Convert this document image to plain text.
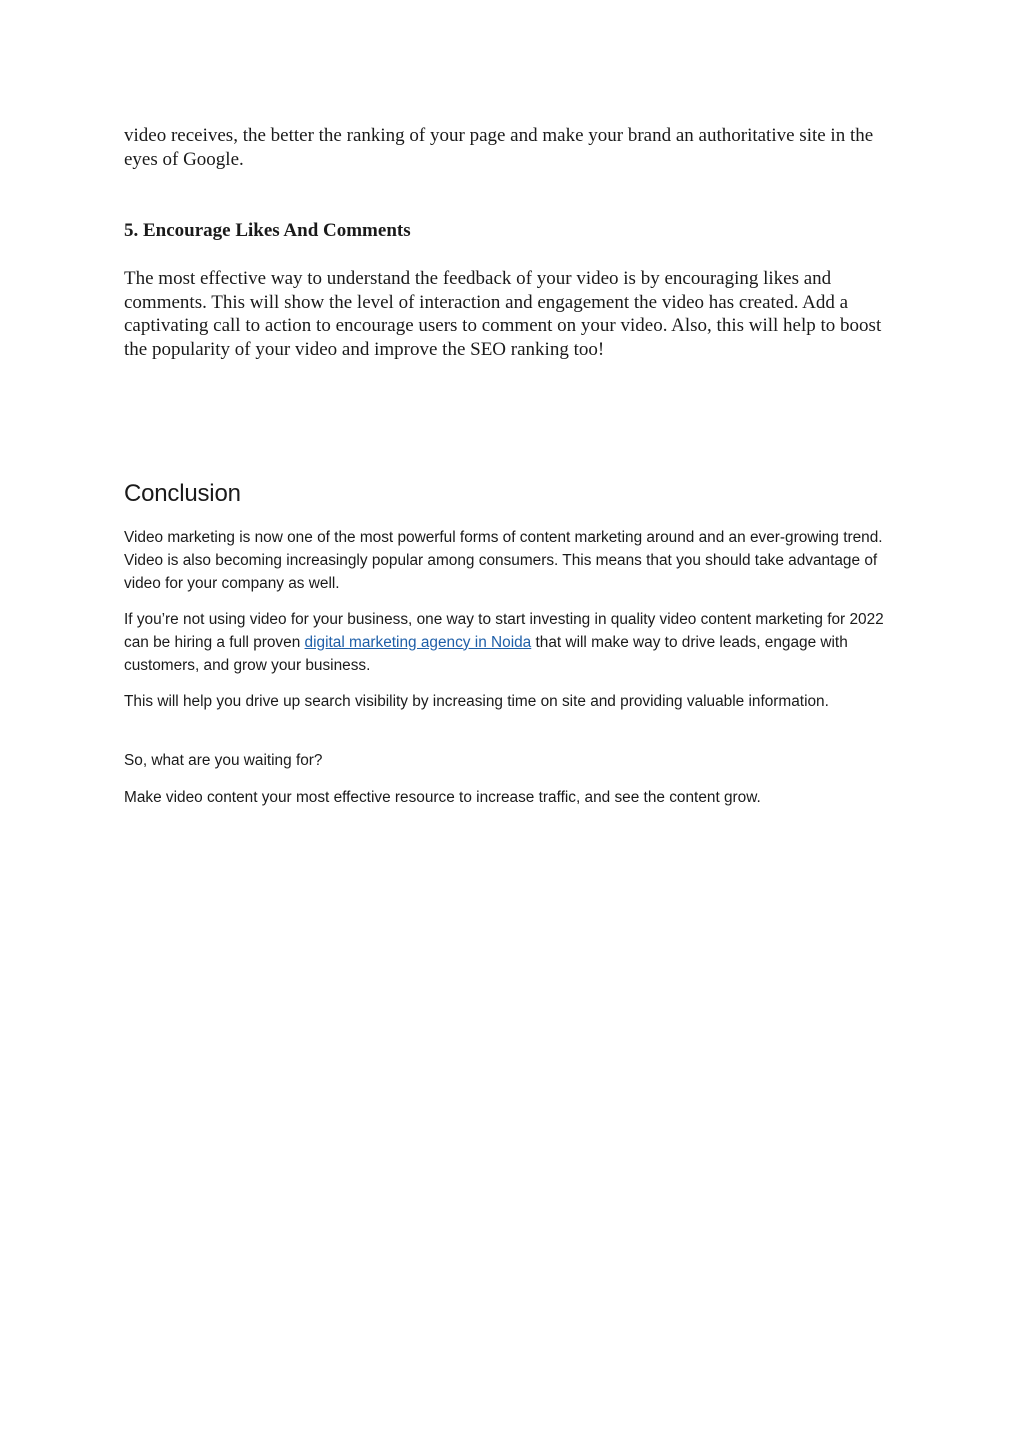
video receives, the better the ranking of your page and make your brand an authoritative site in the eyes of Google.

5. Encourage Likes And Comments

The most effective way to understand the feedback of your video is by encouraging likes and comments. This will show the level of interaction and engagement the video has created. Add a captivating call to action to encourage users to comment on your video. Also, this will help to boost the popularity of your video and improve the SEO ranking too!

Conclusion

Video marketing is now one of the most powerful forms of content marketing around and an ever-growing trend. Video is also becoming increasingly popular among consumers. This means that you should take advantage of video for your company as well.

If you’re not using video for your business, one way to start investing in quality video content marketing for 2022 can be hiring a full proven digital marketing agency in Noida that will make way to drive leads, engage with customers, and grow your business.

This will help you drive up search visibility by increasing time on site and providing valuable information.

So, what are you waiting for?

Make video content your most effective resource to increase traffic, and see the content grow.
